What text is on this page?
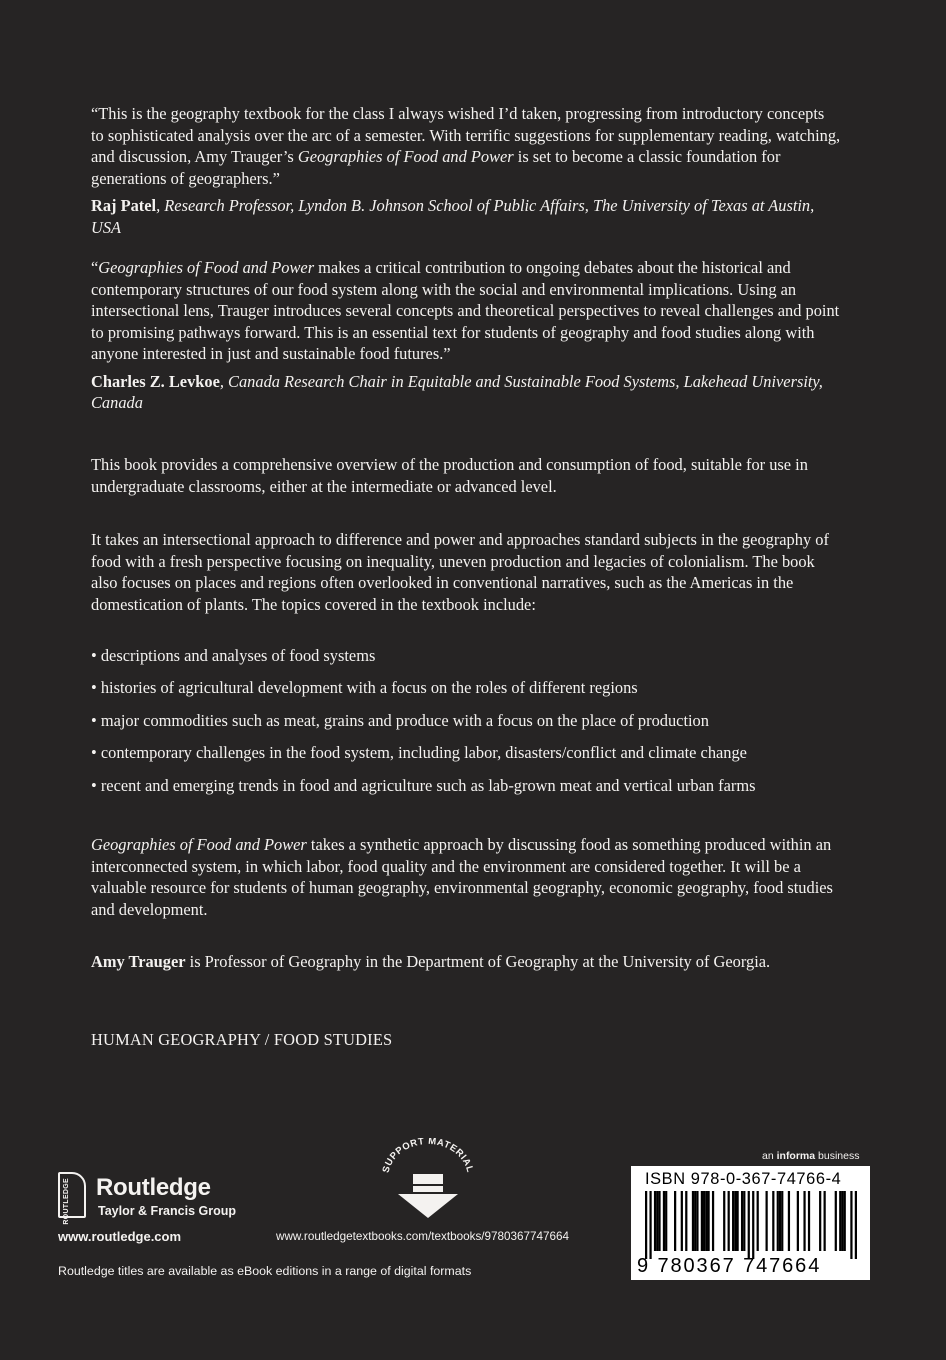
“This is the geography textbook for the class I always wished I’d taken, progressing from introductory concepts to sophisticated analysis over the arc of a semester. With terrific suggestions for supplementary reading, watching, and discussion, Amy Trauger’s Geographies of Food and Power is set to become a classic foundation for generations of geographers.”

Raj Patel, Research Professor, Lyndon B. Johnson School of Public Affairs, The University of Texas at Austin, USA

“Geographies of Food and Power makes a critical contribution to ongoing debates about the historical and contemporary structures of our food system along with the social and environmental implications. Using an intersectional lens, Trauger introduces several concepts and theoretical perspectives to reveal challenges and point to promising pathways forward. This is an essential text for students of geography and food studies along with anyone interested in just and sustainable food futures.”

Charles Z. Levkoe, Canada Research Chair in Equitable and Sustainable Food Systems, Lakehead University, Canada

This book provides a comprehensive overview of the production and consumption of food, suitable for use in undergraduate classrooms, either at the intermediate or advanced level.

It takes an intersectional approach to difference and power and approaches standard subjects in the geography of food with a fresh perspective focusing on inequality, uneven production and legacies of colonialism. The book also focuses on places and regions often overlooked in conventional narratives, such as the Americas in the domestication of plants. The topics covered in the textbook include:

• descriptions and analyses of food systems
• histories of agricultural development with a focus on the roles of different regions
• major commodities such as meat, grains and produce with a focus on the place of production
• contemporary challenges in the food system, including labor, disasters/conflict and climate change
• recent and emerging trends in food and agriculture such as lab-grown meat and vertical urban farms

Geographies of Food and Power takes a synthetic approach by discussing food as something produced within an interconnected system, in which labor, food quality and the environment are considered together. It will be a valuable resource for students of human geography, environmental geography, economic geography, food studies and development.

Amy Trauger is Professor of Geography in the Department of Geography at the University of Georgia.

HUMAN GEOGRAPHY / FOOD STUDIES
ROUTLEDGE Routledge
Taylor & Francis Group
www.routledge.com
Routledge titles are available as eBook editions in a range of digital formats
SUPPORT MATERIAL
www.routledgetextbooks.com/textbooks/9780367747664
an informa business
ISBN 978-0-367-74766-4
9 780367 747664
